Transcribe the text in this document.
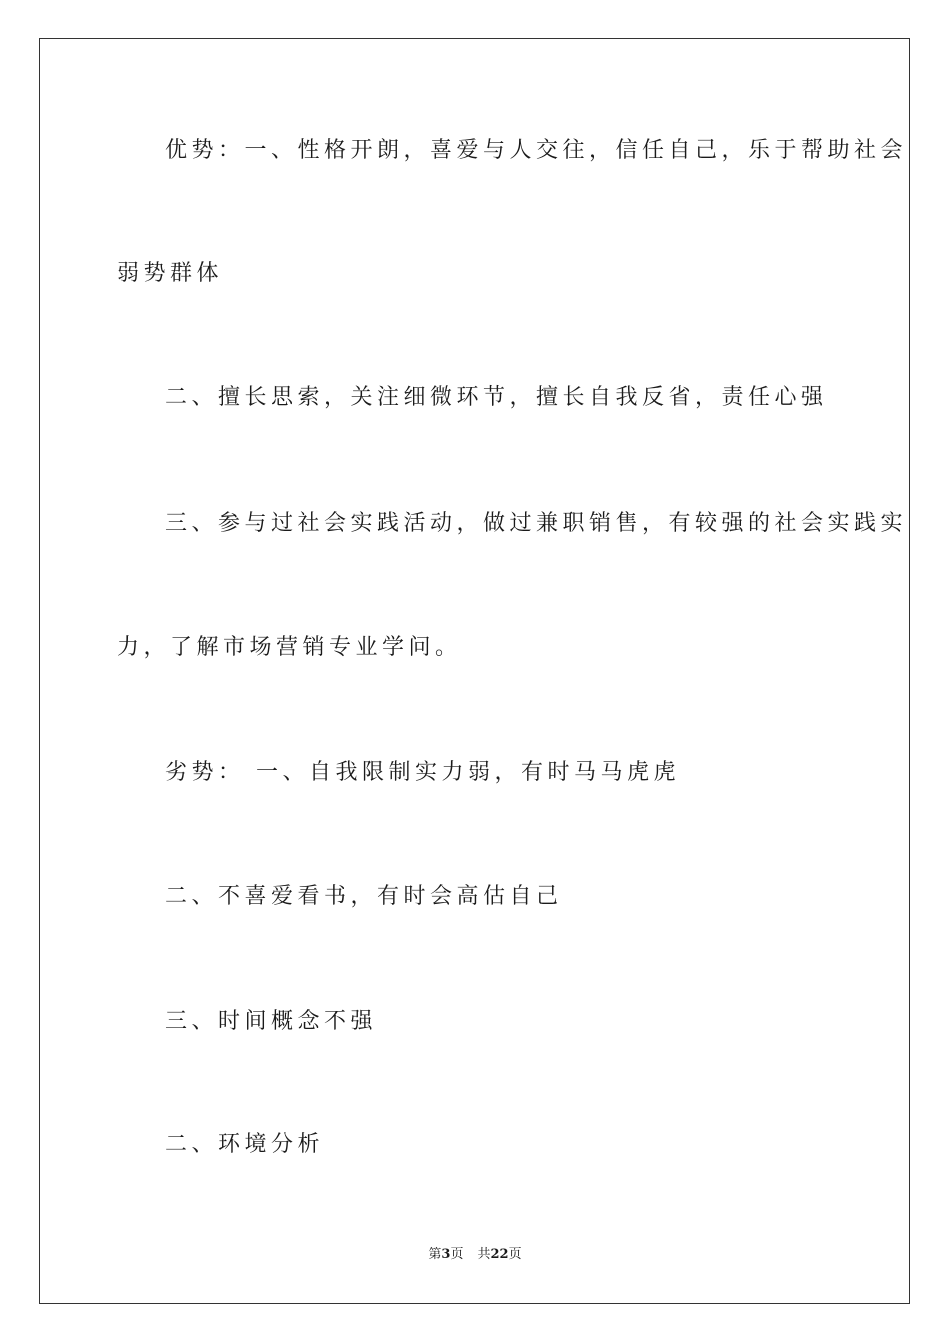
优势：一、性格开朗，喜爱与人交往，信任自己，乐于帮助社会
弱势群体
二、擅长思索，关注细微环节，擅长自我反省，责任心强
三、参与过社会实践活动，做过兼职销售，有较强的社会实践实
力，了解市场营销专业学问。
劣势： 一、自我限制实力弱，有时马马虎虎
二、不喜爱看书，有时会高估自己
三、时间概念不强
二、环境分析
第3页 共22页
